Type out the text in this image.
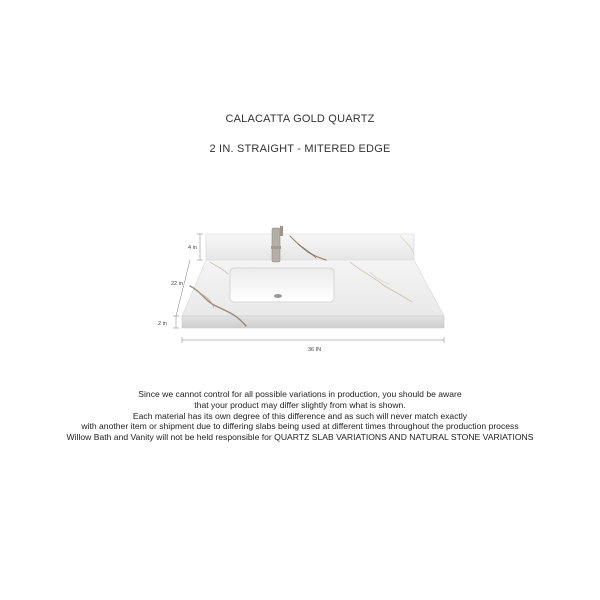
CALACATTA GOLD QUARTZ
2 IN. STRAIGHT - MITERED EDGE
4 in
22 in
2 in
36 IN
Since we cannot control for all possible variations in production, you should be aware
that your product may differ slightly from what is shown.
Each material has its own degree of this difference and as such will never match exactly
with another item or shipment due to differing slabs being used at different times throughout the production process
Willow Bath and Vanity will not be held responsible for QUARTZ SLAB VARIATIONS AND NATURAL STONE VARIATIONS
